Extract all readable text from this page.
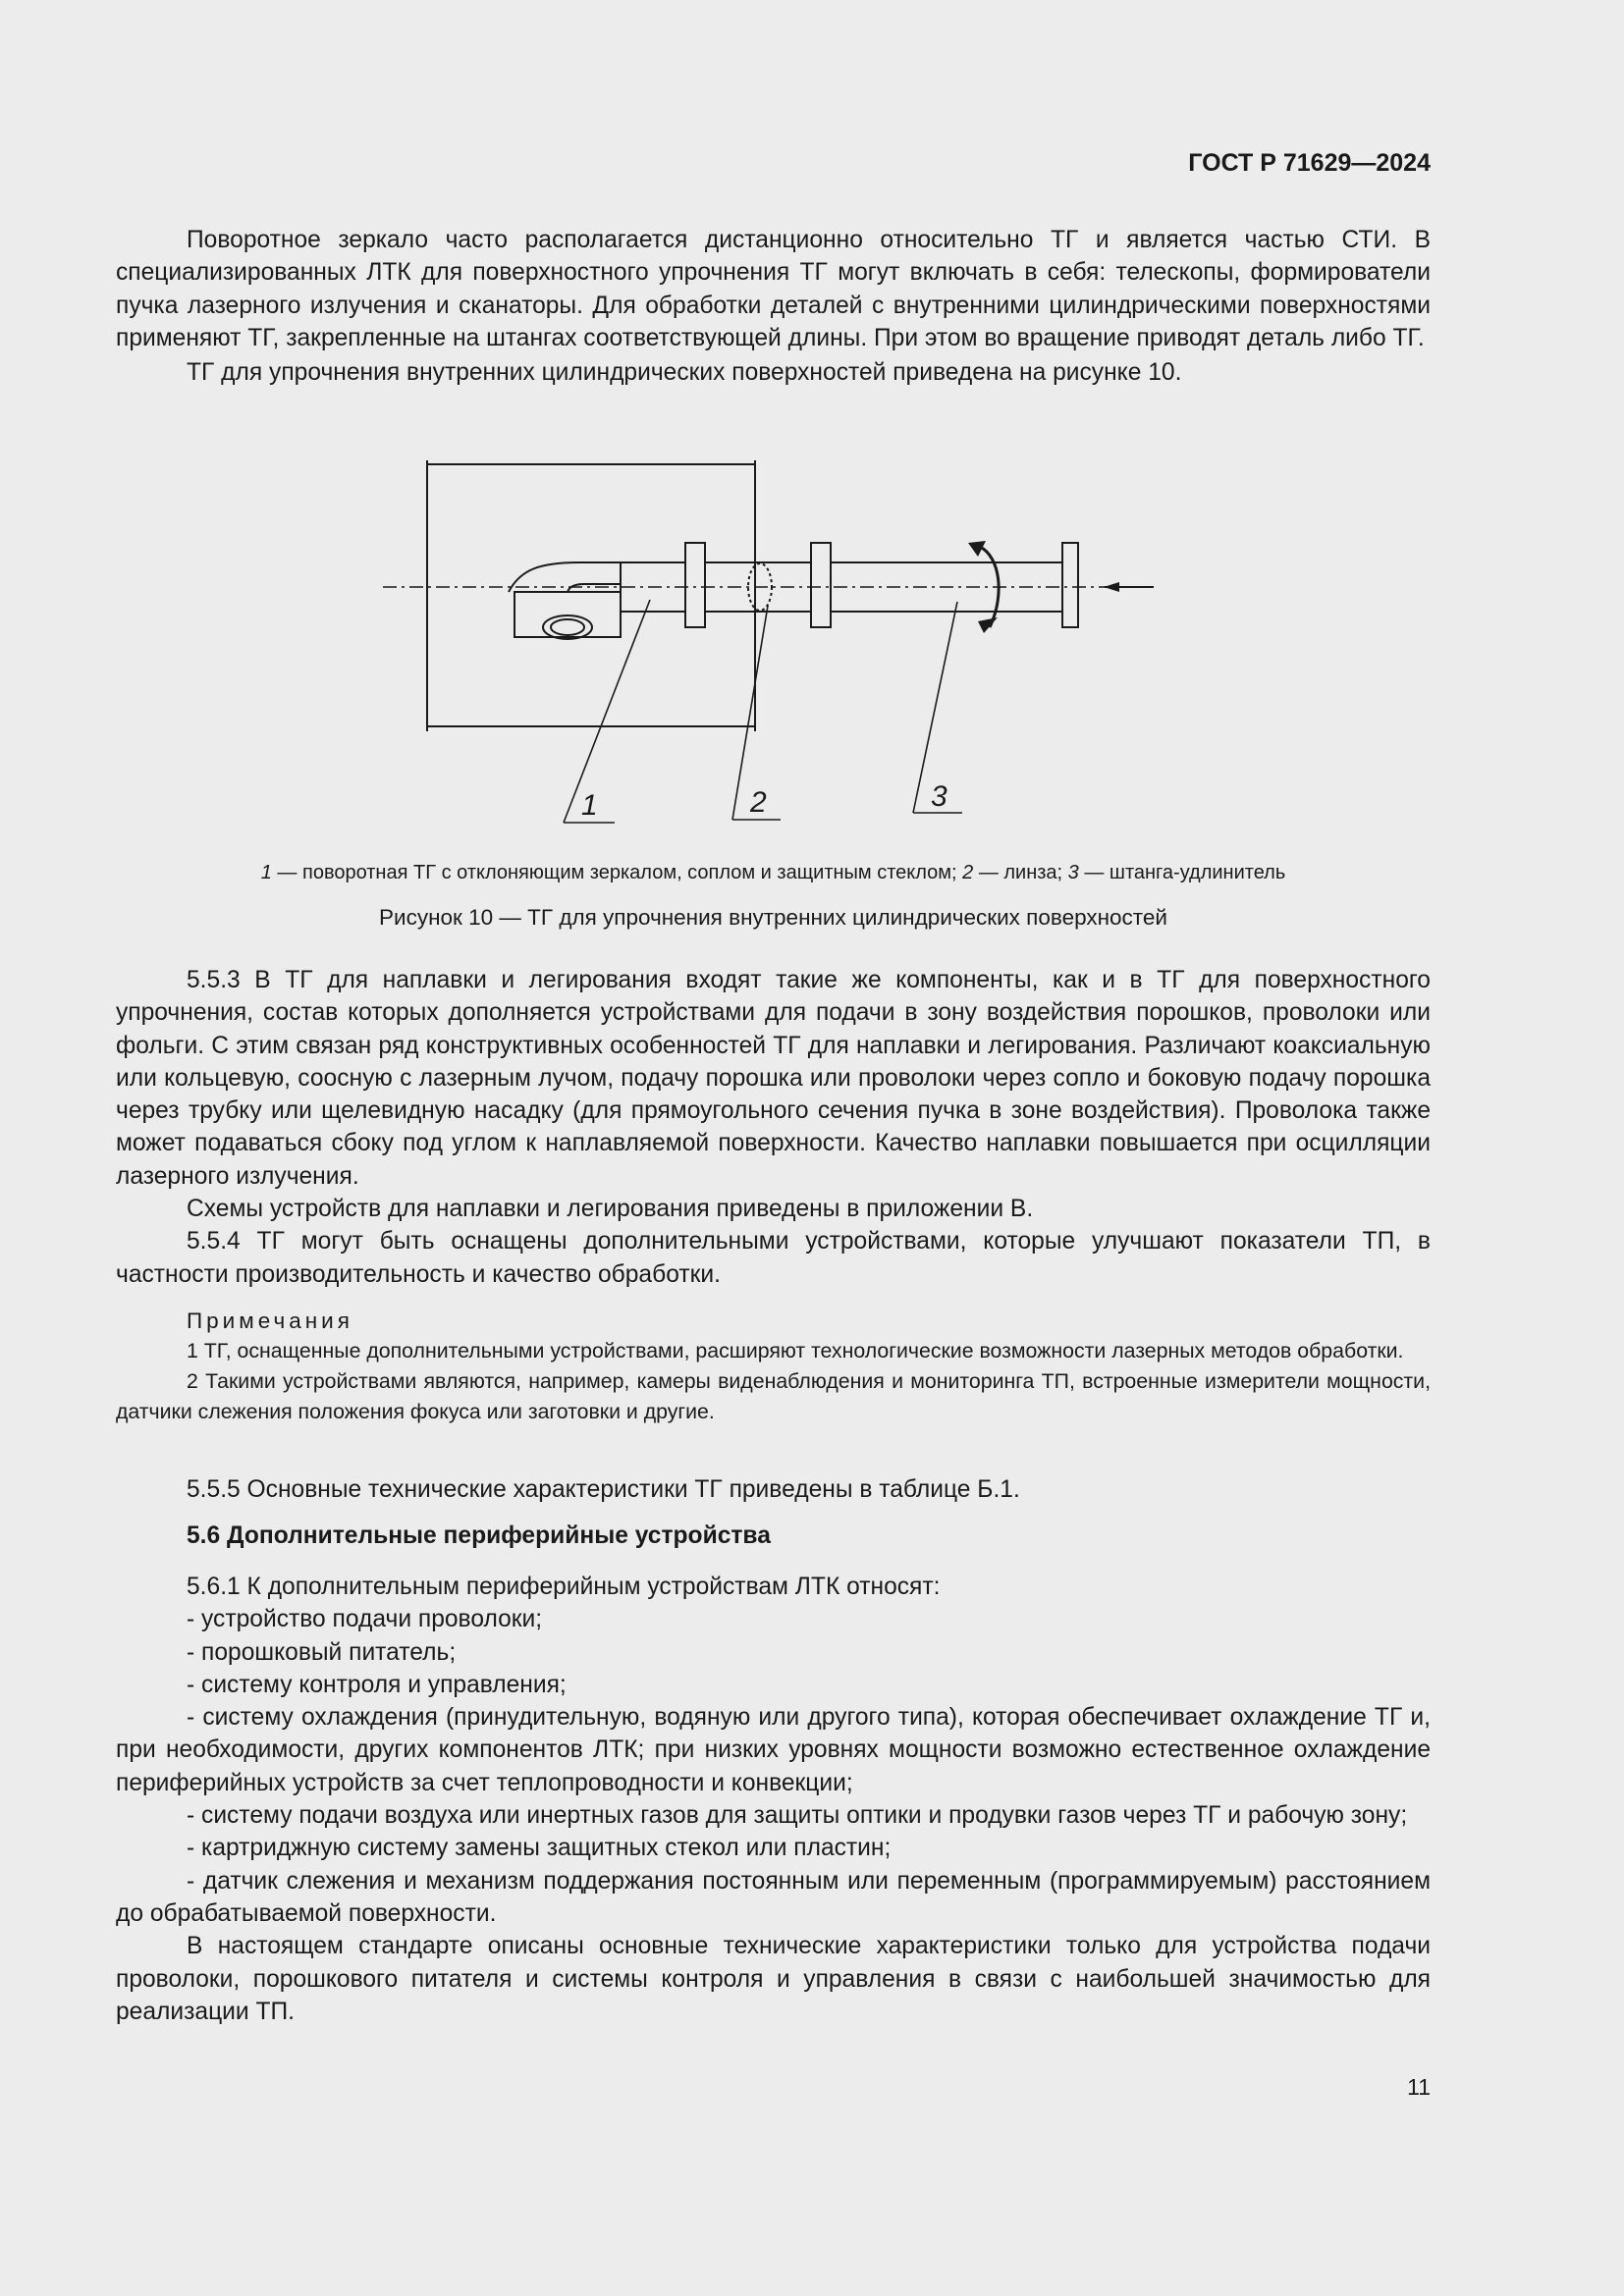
ГОСТ Р 71629—2024

Поворотное зеркало часто располагается дистанционно относительно ТГ и является частью СТИ. В специализированных ЛТК для поверхностного упрочнения ТГ могут включать в себя: телескопы, формирователи пучка лазерного излучения и сканаторы. Для обработки деталей с внутренними цилиндрическими поверхностями применяют ТГ, закрепленные на штангах соответствующей длины. При этом во вращение приводят деталь либо ТГ.

ТГ для упрочнения внутренних цилиндрических поверхностей приведена на рисунке 10.

1	2	3
1 — поворотная ТГ с отклоняющим зеркалом, соплом и защитным стеклом; 2 — линза; 3 — штанга-удлинитель
Рисунок 10 — ТГ для упрочнения внутренних цилиндрических поверхностей

5.5.3 В ТГ для наплавки и легирования входят такие же компоненты, как и в ТГ для поверхностного упрочнения, состав которых дополняется устройствами для подачи в зону воздействия порошков, проволоки или фольги. С этим связан ряд конструктивных особенностей ТГ для наплавки и легирования. Различают коаксиальную или кольцевую, соосную с лазерным лучом, подачу порошка или проволоки через сопло и боковую подачу порошка через трубку или щелевидную насадку (для прямоугольного сечения пучка в зоне воздействия). Проволока также может подаваться сбоку под углом к наплавляемой поверхности. Качество наплавки повышается при осцилляции лазерного излучения.

Схемы устройств для наплавки и легирования приведены в приложении В.

5.5.4 ТГ могут быть оснащены дополнительными устройствами, которые улучшают показатели ТП, в частности производительность и качество обработки.

Примечания

1 ТГ, оснащенные дополнительными устройствами, расширяют технологические возможности лазерных методов обработки.

2 Такими устройствами являются, например, камеры виденаблюдения и мониторинга ТП, встроенные измерители мощности, датчики слежения положения фокуса или заготовки и другие.

5.5.5 Основные технические характеристики ТГ приведены в таблице Б.1.

5.6 Дополнительные периферийные устройства

5.6.1 К дополнительным периферийным устройствам ЛТК относят:

- устройство подачи проволоки;

- порошковый питатель;

- систему контроля и управления;

- систему охлаждения (принудительную, водяную или другого типа), которая обеспечивает охлаждение ТГ и, при необходимости, других компонентов ЛТК; при низких уровнях мощности возможно естественное охлаждение периферийных устройств за счет теплопроводности и конвекции;

- систему подачи воздуха или инертных газов для защиты оптики и продувки газов через ТГ и рабочую зону;

- картриджную систему замены защитных стекол или пластин;

- датчик слежения и механизм поддержания постоянным или переменным (программируемым) расстоянием до обрабатываемой поверхности.

В настоящем стандарте описаны основные технические характеристики только для устройства подачи проволоки, порошкового питателя и системы контроля и управления в связи с наибольшей значимостью для реализации ТП.

11
